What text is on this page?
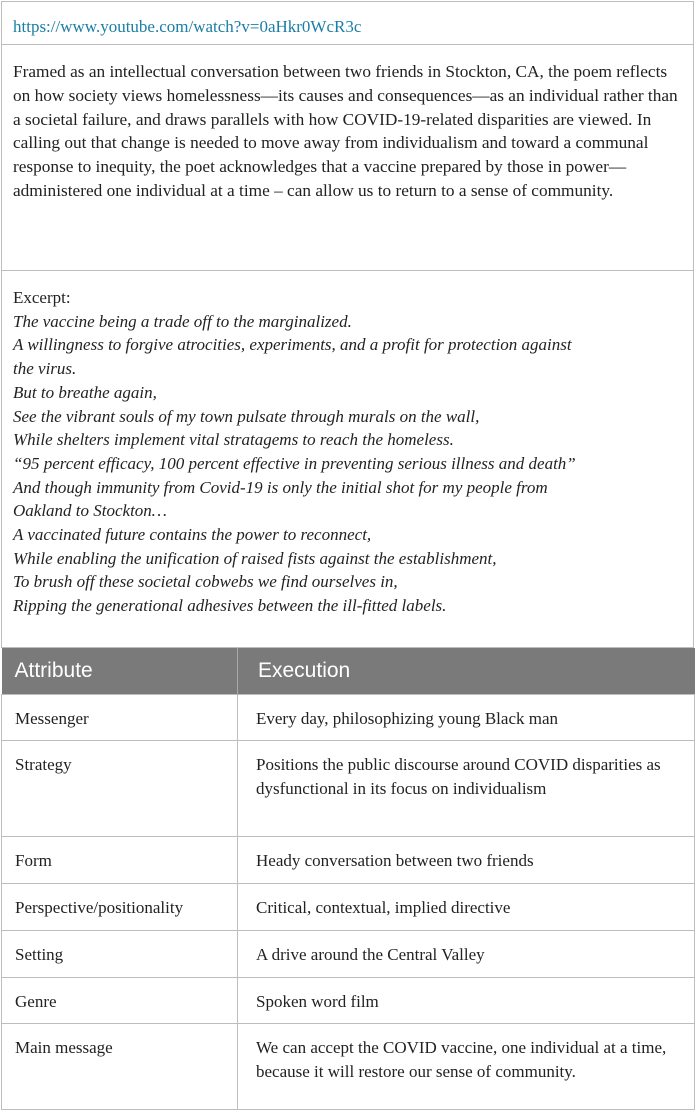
https://www.youtube.com/watch?v=0aHkr0WcR3c

Framed as an intellectual conversation between two friends in Stockton, CA, the poem reflects on how society views homelessness—its causes and consequences—as an individual rather than a societal failure, and draws parallels with how COVID-19-related disparities are viewed. In calling out that change is needed to move away from individualism and toward a communal response to inequity, the poet acknowledges that a vaccine prepared by those in power—administered one individual at a time – can allow us to return to a sense of community.

Excerpt:

The vaccine being a trade off to the marginalized.

A willingness to forgive atrocities, experiments, and a profit for protection against

the virus.

But to breathe again,

See the vibrant souls of my town pulsate through murals on the wall,

While shelters implement vital stratagems to reach the homeless.

“95 percent efficacy, 100 percent effective in preventing serious illness and death”

And though immunity from Covid-19 is only the initial shot for my people from

Oakland to Stockton…

A vaccinated future contains the power to reconnect,

While enabling the unification of raised fists against the establishment,

To brush off these societal cobwebs we find ourselves in,

Ripping the generational adhesives between the ill-fitted labels.

Attribute	Execution
Messenger	Every day, philosophizing young Black man
Strategy	Positions the public discourse around COVID disparities as dysfunctional in its focus on individualism
Form	Heady conversation between two friends
Perspective/positionality	Critical, contextual, implied directive
Setting	A drive around the Central Valley
Genre	Spoken word film
Main message	We can accept the COVID vaccine, one individual at a time, because it will restore our sense of community.
